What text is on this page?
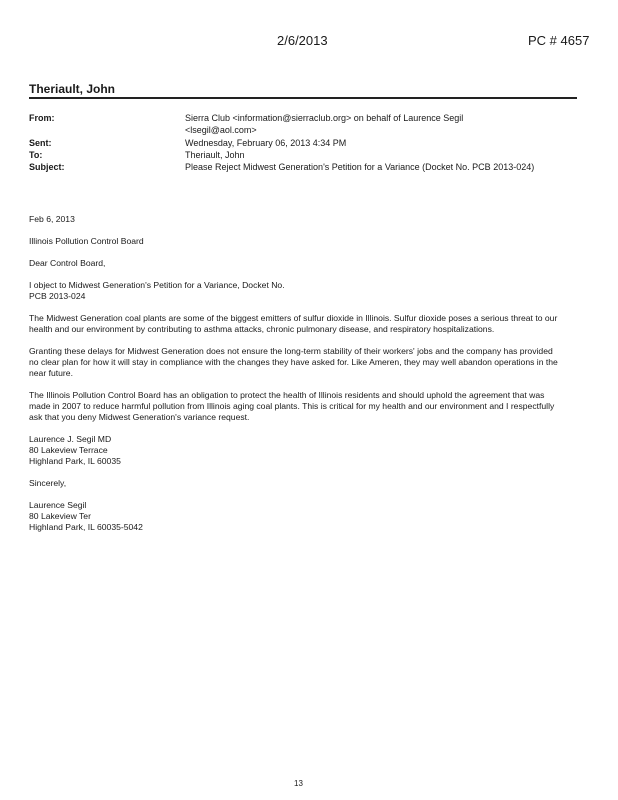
2/6/2013	PC # 4657
Theriault, John
From:	Sierra Club <information@sierraclub.org> on behalf of Laurence Segil
<lsegil@aol.com>
Sent:	Wednesday, February 06, 2013 4:34 PM
To:	Theriault, John
Subject:	Please Reject Midwest Generation's Petition for a Variance (Docket No. PCB 2013-024)

Feb 6, 2013

Illinois Pollution Control Board

Dear Control Board,

I object to Midwest Generation's Petition for a Variance, Docket No.
PCB 2013-024

The Midwest Generation coal plants are some of the biggest emitters of sulfur dioxide in Illinois. Sulfur dioxide poses a serious threat to our health and our environment by contributing to asthma attacks, chronic pulmonary disease, and respiratory hospitalizations.

Granting these delays for Midwest Generation does not ensure the long-term stability of their workers' jobs and the company has provided no clear plan for how it will stay in compliance with the changes they have asked for. Like Ameren, they may well abandon operations in the near future.

The Illinois Pollution Control Board has an obligation to protect the health of Illinois residents and should uphold the agreement that was made in 2007 to reduce harmful pollution from Illinois aging coal plants. This is critical for my health and our environment and I respectfully ask that you deny Midwest Generation's variance request.

Laurence J. Segil MD
80 Lakeview Terrace
Highland Park, IL 60035

Sincerely,

Laurence Segil
80 Lakeview Ter
Highland Park, IL 60035-5042
13
